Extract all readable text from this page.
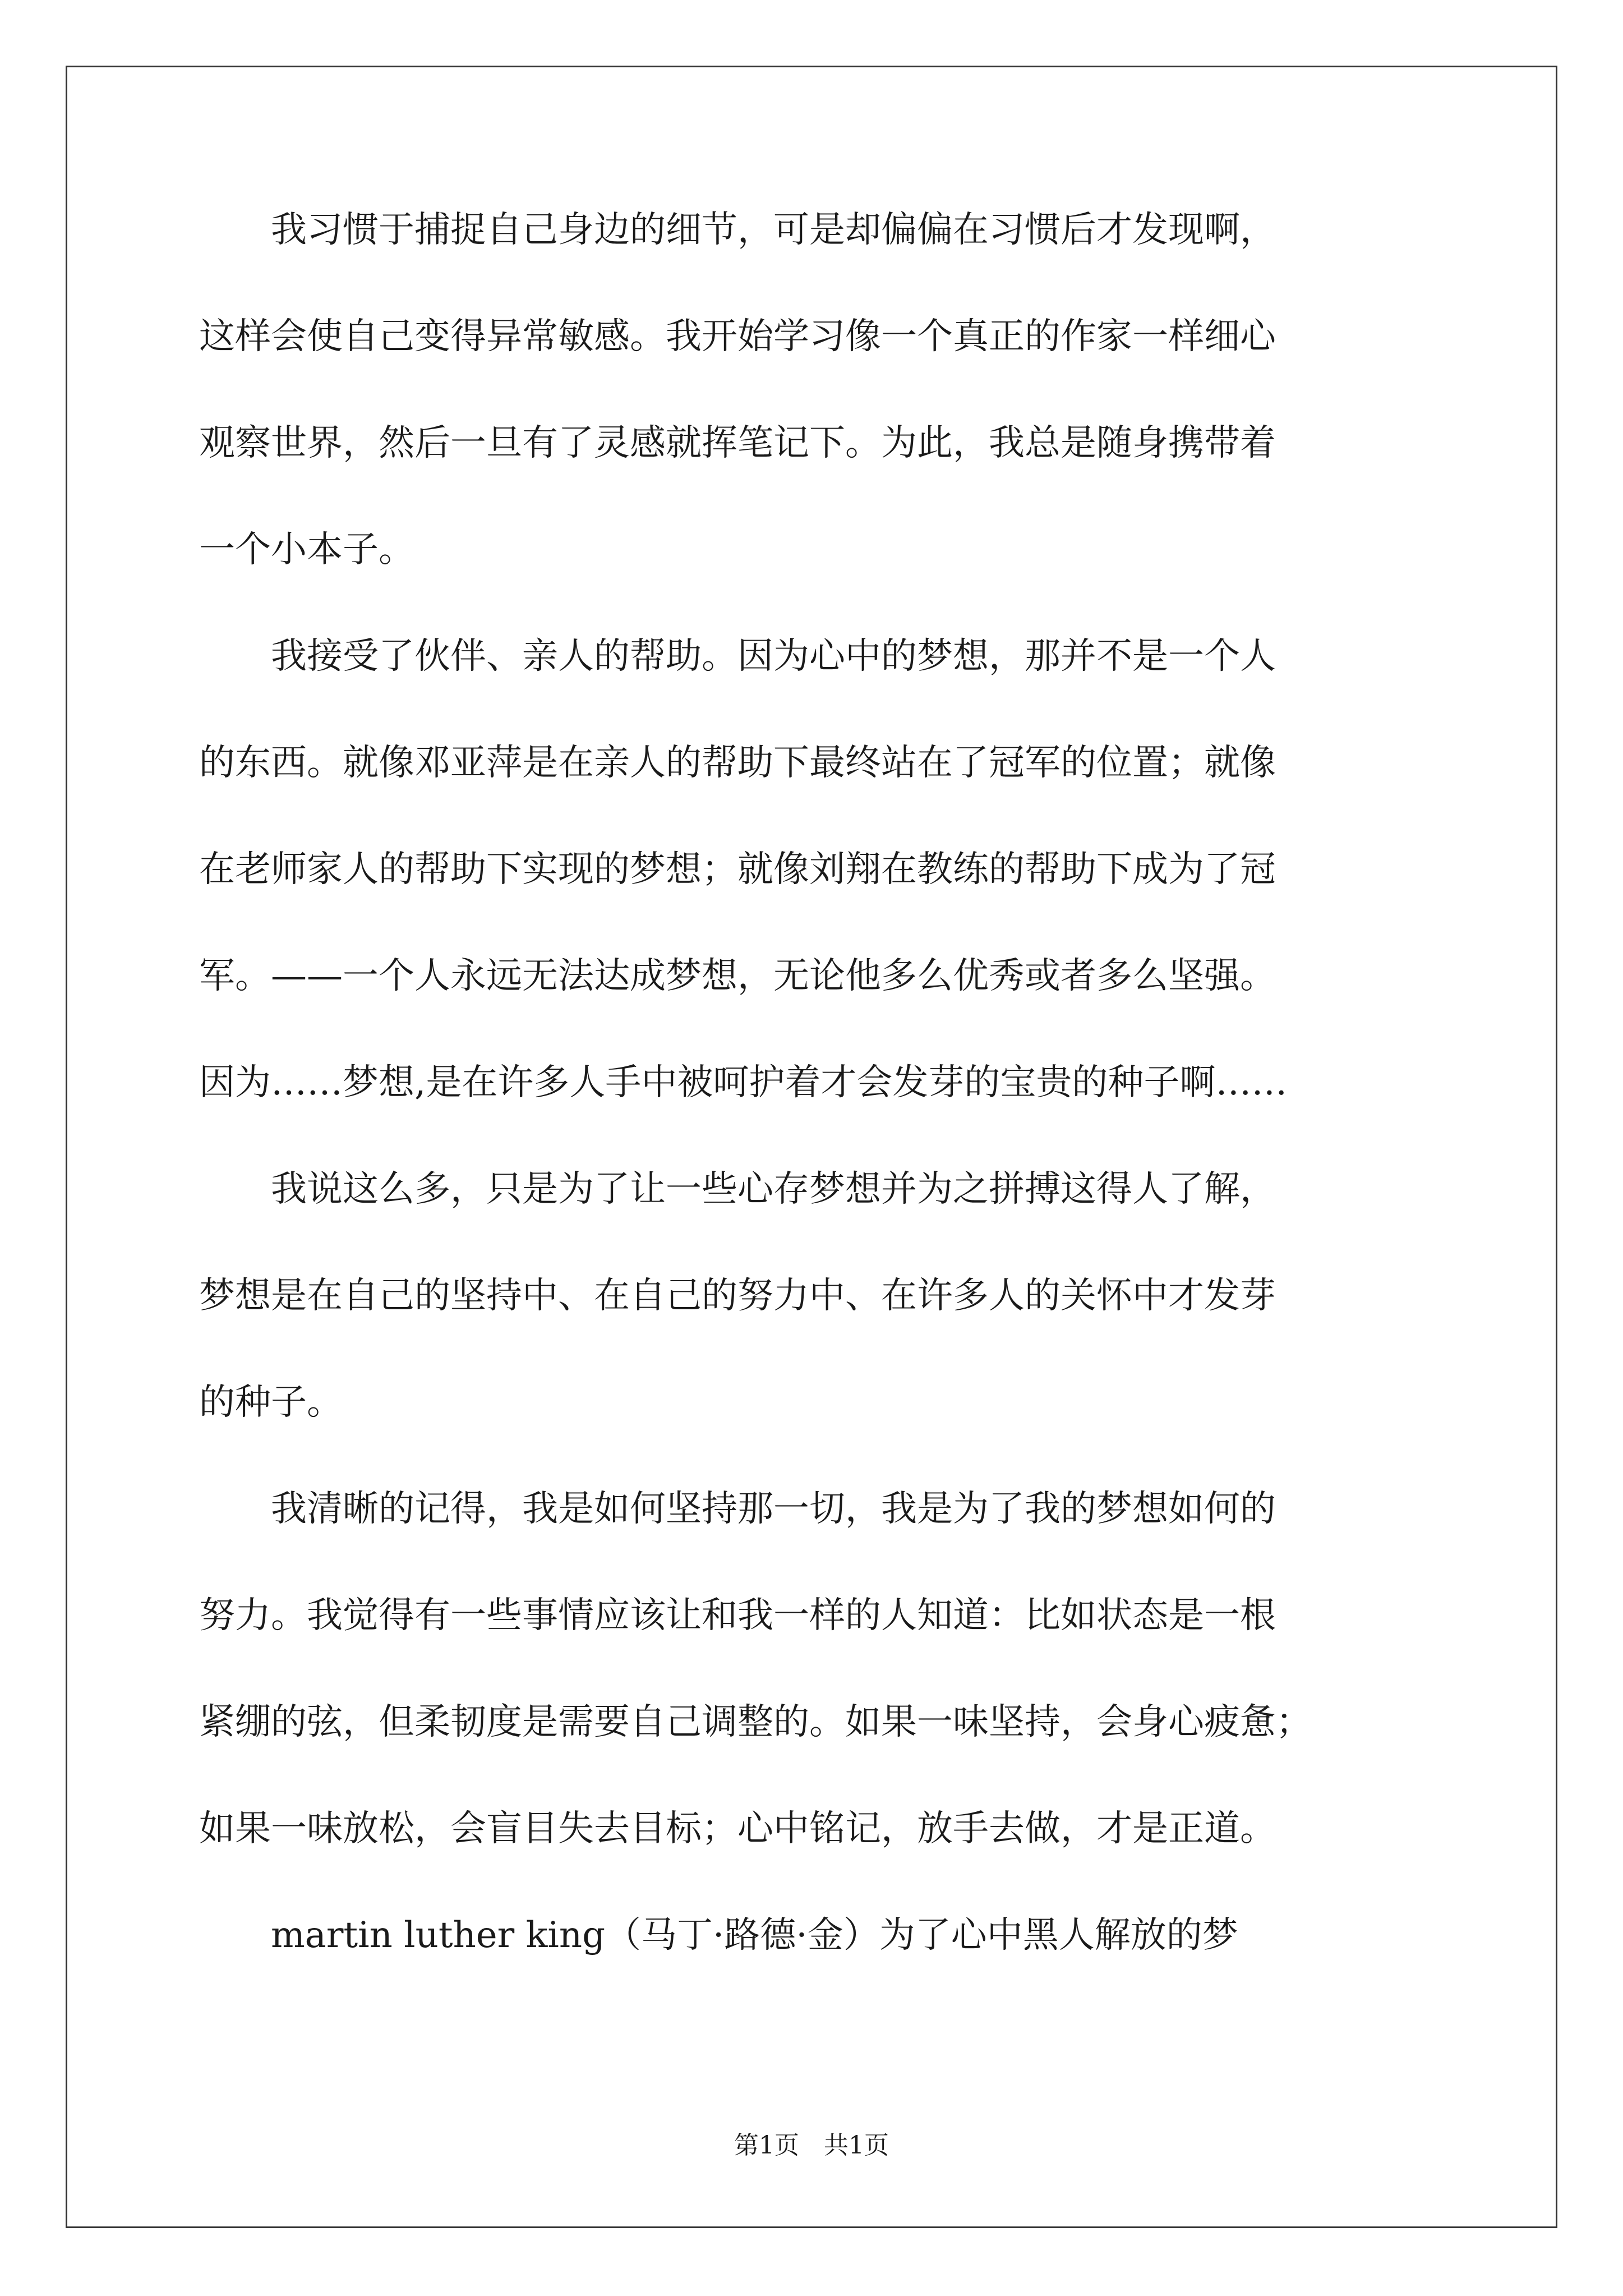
　　我习惯于捕捉自己身边的细节，可是却偏偏在习惯后才发现啊，
这样会使自己变得异常敏感。我开始学习像一个真正的作家一样细心
观察世界，然后一旦有了灵感就挥笔记下。为此，我总是随身携带着
一个小本子。
　　我接受了伙伴、亲人的帮助。因为心中的梦想，那并不是一个人
的东西。就像邓亚萍是在亲人的帮助下最终站在了冠军的位置；就像
在老师家人的帮助下实现的梦想；就像刘翔在教练的帮助下成为了冠
军。——一个人永远无法达成梦想，无论他多么优秀或者多么坚强。
因为……梦想,是在许多人手中被呵护着才会发芽的宝贵的种子啊……
　　我说这么多，只是为了让一些心存梦想并为之拼搏这得人了解，
梦想是在自己的坚持中、在自己的努力中、在许多人的关怀中才发芽
的种子。
　　我清晰的记得，我是如何坚持那一切，我是为了我的梦想如何的
努力。我觉得有一些事情应该让和我一样的人知道：比如状态是一根
紧绷的弦，但柔韧度是需要自己调整的。如果一味坚持，会身心疲惫；
如果一味放松，会盲目失去目标；心中铭记，放手去做，才是正道。
　　martin luther king（马丁·路德·金）为了心中黑人解放的梦
第1页　共1页
